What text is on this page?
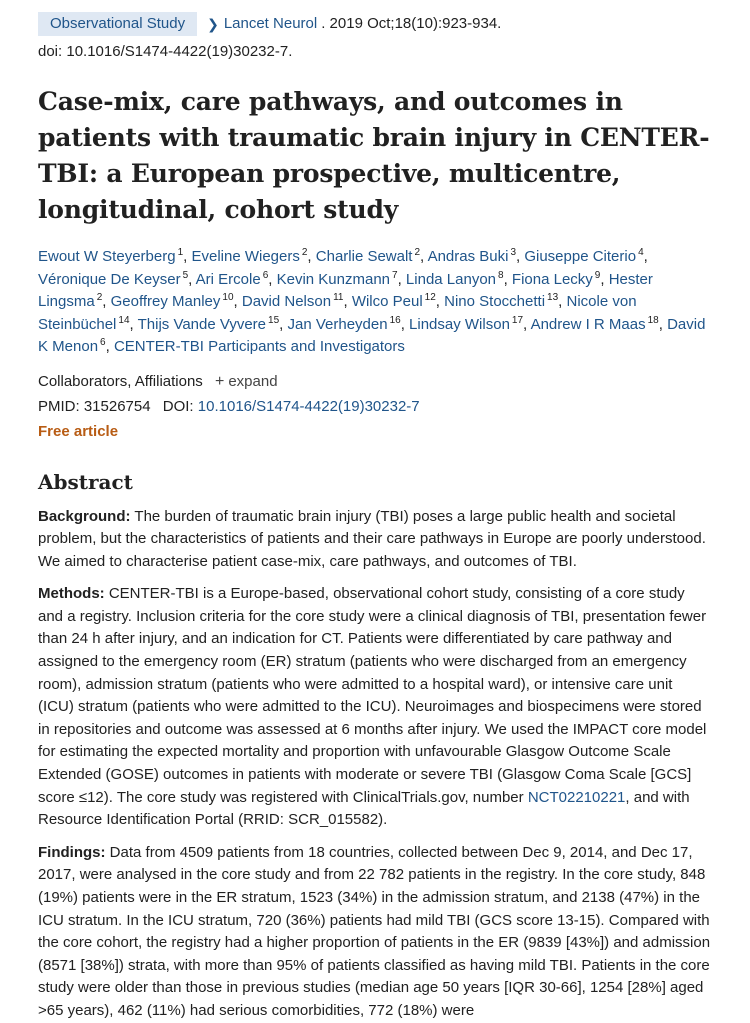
Observational Study	❯ Lancet Neurol . 2019 Oct;18(10):923-934.
doi: 10.1016/S1474-4422(19)30232-7.
Case-mix, care pathways, and outcomes in patients with traumatic brain injury in CENTER-TBI: a European prospective, multicentre, longitudinal, cohort study
Ewout W Steyerberg $^1$, Eveline Wiegers $^2$, Charlie Sewalt $^2$, Andras Buki $^3$, Giuseppe Citerio $^4$, Véronique De Keyser $^5$, Ari Ercole $^6$, Kevin Kunzmann $^7$, Linda Lanyon $^8$, Fiona Lecky $^9$, Hester Lingsma $^2$, Geoffrey Manley $^{10}$, David Nelson $^{11}$, Wilco Peul $^{12}$, Nino Stocchetti $^{13}$, Nicole von Steinbüchel $^{14}$, Thijs Vande Vyvere $^{15}$, Jan Verheyden $^{16}$, Lindsay Wilson $^{17}$, Andrew I R Maas $^{18}$, David K Menon $^6$, CENTER-TBI Participants and Investigators
Collaborators, Affiliations + expand
PMID: 31526754 DOI: 10.1016/S1474-4422(19)30232-7
Free article
Abstract

Background: The burden of traumatic brain injury (TBI) poses a large public health and societal problem, but the characteristics of patients and their care pathways in Europe are poorly understood. We aimed to characterise patient case-mix, care pathways, and outcomes of TBI.

Methods: CENTER-TBI is a Europe-based, observational cohort study, consisting of a core study and a registry. Inclusion criteria for the core study were a clinical diagnosis of TBI, presentation fewer than 24 h after injury, and an indication for CT. Patients were differentiated by care pathway and assigned to the emergency room (ER) stratum (patients who were discharged from an emergency room), admission stratum (patients who were admitted to a hospital ward), or intensive care unit (ICU) stratum (patients who were admitted to the ICU). Neuroimages and biospecimens were stored in repositories and outcome was assessed at 6 months after injury. We used the IMPACT core model for estimating the expected mortality and proportion with unfavourable Glasgow Outcome Scale Extended (GOSE) outcomes in patients with moderate or severe TBI (Glasgow Coma Scale [GCS] score ≤12). The core study was registered with ClinicalTrials.gov, number NCT02210221, and with Resource Identification Portal (RRID: SCR_015582).

Findings: Data from 4509 patients from 18 countries, collected between Dec 9, 2014, and Dec 17, 2017, were analysed in the core study and from 22 782 patients in the registry. In the core study, 848 (19%) patients were in the ER stratum, 1523 (34%) in the admission stratum, and 2138 (47%) in the ICU stratum. In the ICU stratum, 720 (36%) patients had mild TBI (GCS score 13-15). Compared with the core cohort, the registry had a higher proportion of patients in the ER (9839 [43%]) and admission (8571 [38%]) strata, with more than 95% of patients classified as having mild TBI. Patients in the core study were older than those in previous studies (median age 50 years [IQR 30-66], 1254 [28%] aged >65 years), 462 (11%) had serious comorbidities, 772 (18%) were
